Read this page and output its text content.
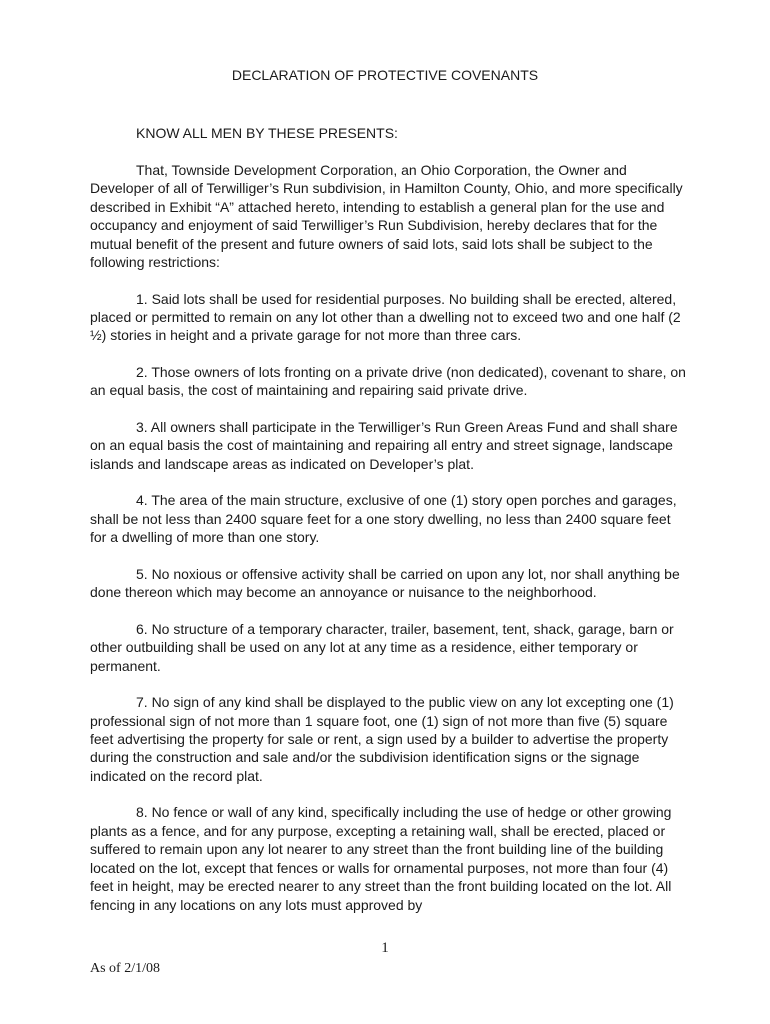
DECLARATION OF PROTECTIVE COVENANTS
KNOW ALL MEN BY THESE PRESENTS:

That, Townside Development Corporation, an Ohio Corporation, the Owner and Developer of all of Terwilliger’s Run subdivision, in Hamilton County, Ohio, and more specifically described in Exhibit “A” attached hereto, intending to establish a general plan for the use and occupancy and enjoyment of said Terwilliger’s Run Subdivision, hereby declares that for the mutual benefit of the present and future owners of said lots, said lots shall be subject to the following restrictions:

1. Said lots shall be used for residential purposes. No building shall be erected, altered, placed or permitted to remain on any lot other than a dwelling not to exceed two and one half (2 ½) stories in height and a private garage for not more than three cars.

2. Those owners of lots fronting on a private drive (non dedicated), covenant to share, on an equal basis, the cost of maintaining and repairing said private drive.

3. All owners shall participate in the Terwilliger’s Run Green Areas Fund and shall share on an equal basis the cost of maintaining and repairing all entry and street signage, landscape islands and landscape areas as indicated on Developer’s plat.

4. The area of the main structure, exclusive of one (1) story open porches and garages, shall be not less than 2400 square feet for a one story dwelling, no less than 2400 square feet for a dwelling of more than one story.

5. No noxious or offensive activity shall be carried on upon any lot, nor shall anything be done thereon which may become an annoyance or nuisance to the neighborhood.

6. No structure of a temporary character, trailer, basement, tent, shack, garage, barn or other outbuilding shall be used on any lot at any time as a residence, either temporary or permanent.

7. No sign of any kind shall be displayed to the public view on any lot excepting one (1) professional sign of not more than 1 square foot, one (1) sign of not more than five (5) square feet advertising the property for sale or rent, a sign used by a builder to advertise the property during the construction and sale and/or the subdivision identification signs or the signage indicated on the record plat.

8. No fence or wall of any kind, specifically including the use of hedge or other growing plants as a fence, and for any purpose, excepting a retaining wall, shall be erected, placed or suffered to remain upon any lot nearer to any street than the front building line of the building located on the lot, except that fences or walls for ornamental purposes, not more than four (4) feet in height, may be erected nearer to any street than the front building located on the lot. All fencing in any locations on any lots must approved by

1
As of 2/1/08
